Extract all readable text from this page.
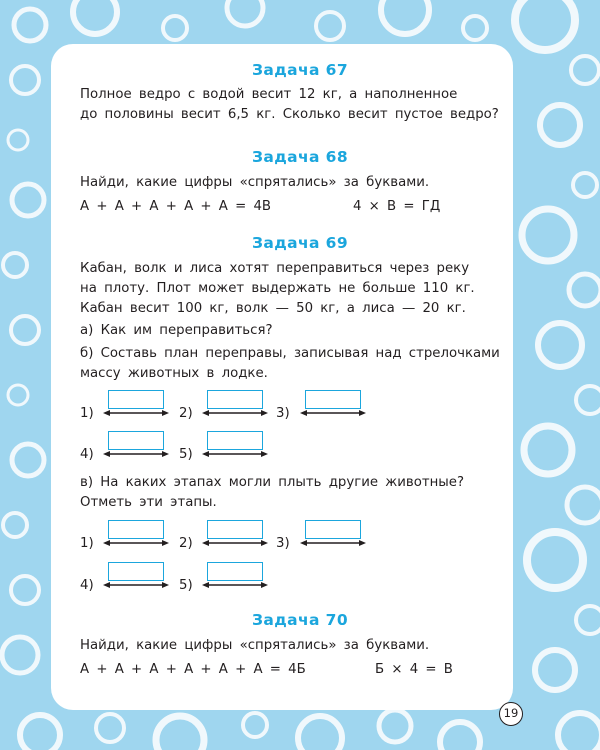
Задача 67
Полное ведро с водой весит 12 кг, а наполненное
до половины весит 6,5 кг. Сколько весит пустое ведро?
Задача 68
Найди, какие цифры «спрятались» за буквами.
А + А + А + А + А = 4В	4 × В = ГД
Задача 69
Кабан, волк и лиса хотят переправиться через реку
на плоту. Плот может выдержать не больше 110 кг.
Кабан весит 100 кг, волк — 50 кг, а лиса — 20 кг.
а) Как им переправиться?
б) Составь план переправы, записывая над стрелочками
массу животных в лодке.
1)	2)	3)
4)	5)
в) На каких этапах могли плыть другие животные?
Отметь эти этапы.
1)	2)	3)
4)	5)
Задача 70
Найди, какие цифры «спрятались» за буквами.
А + А + А + А + А + А = 4Б	Б × 4 = В
19
